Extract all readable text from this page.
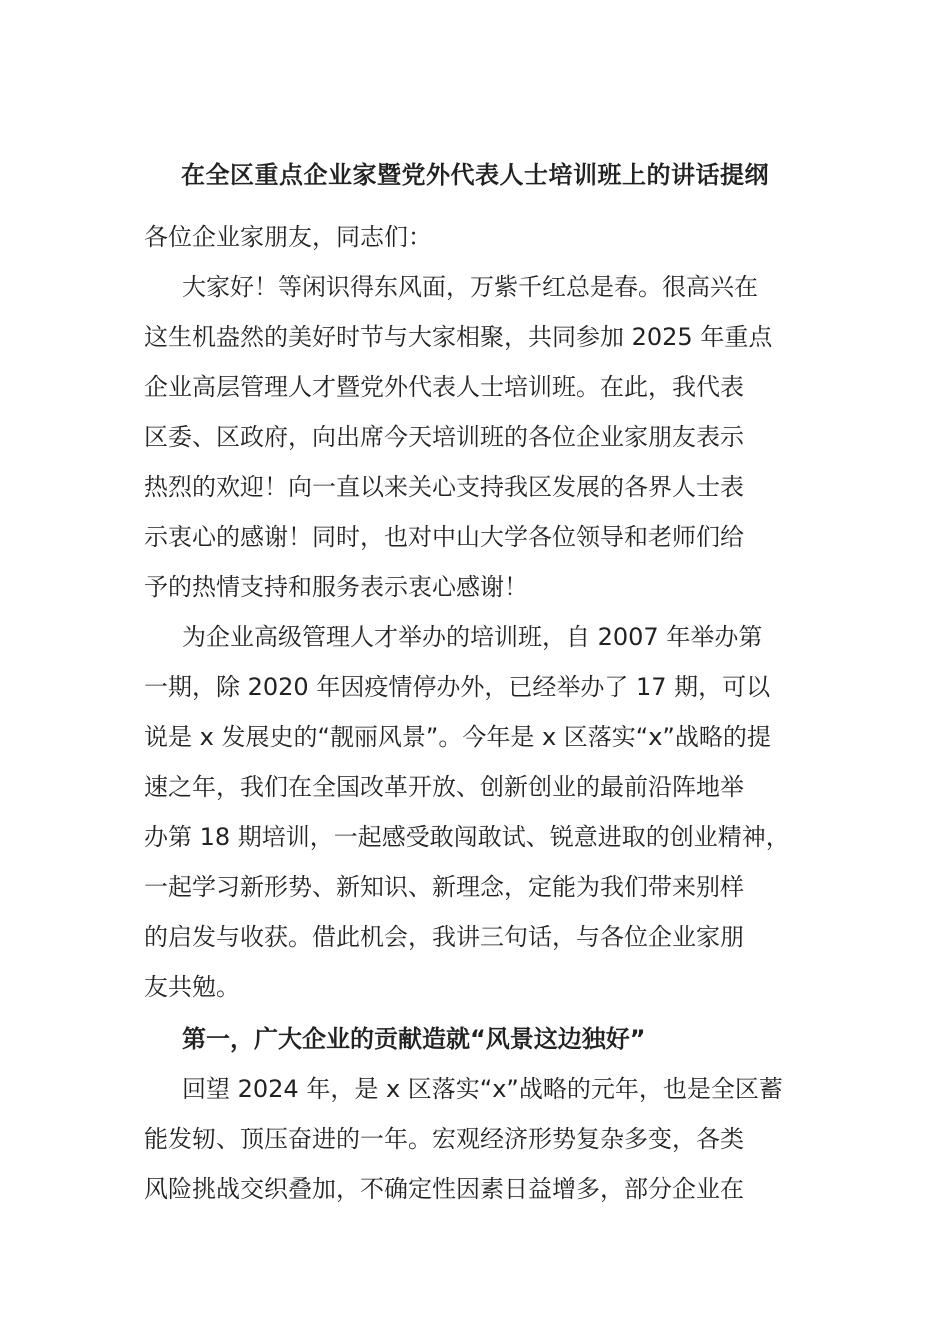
在全区重点企业家暨党外代表人士培训班上的讲话提纲

各位企业家朋友，同志们：

大家好！等闲识得东风面，万紫千红总是春。很高兴在

这生机盎然的美好时节与大家相聚，共同参加 2025 年重点

企业高层管理人才暨党外代表人士培训班。在此，我代表

区委、区政府，向出席今天培训班的各位企业家朋友表示

热烈的欢迎！向一直以来关心支持我区发展的各界人士表

示衷心的感谢！同时，也对中山大学各位领导和老师们给

予的热情支持和服务表示衷心感谢！

为企业高级管理人才举办的培训班，自 2007 年举办第

一期，除 2020 年因疫情停办外，已经举办了 17 期，可以

说是 x 发展史的“靓丽风景”。今年是 x 区落实“x”战略的提

速之年，我们在全国改革开放、创新创业的最前沿阵地举

办第 18 期培训，一起感受敢闯敢试、锐意进取的创业精神，

一起学习新形势、新知识、新理念，定能为我们带来别样

的启发与收获。借此机会，我讲三句话，与各位企业家朋

友共勉。

第一，广大企业的贡献造就“风景这边独好”

回望 2024 年，是 x 区落实“x”战略的元年，也是全区蓄

能发轫、顶压奋进的一年。宏观经济形势复杂多变，各类

风险挑战交织叠加，不确定性因素日益增多，部分企业在
